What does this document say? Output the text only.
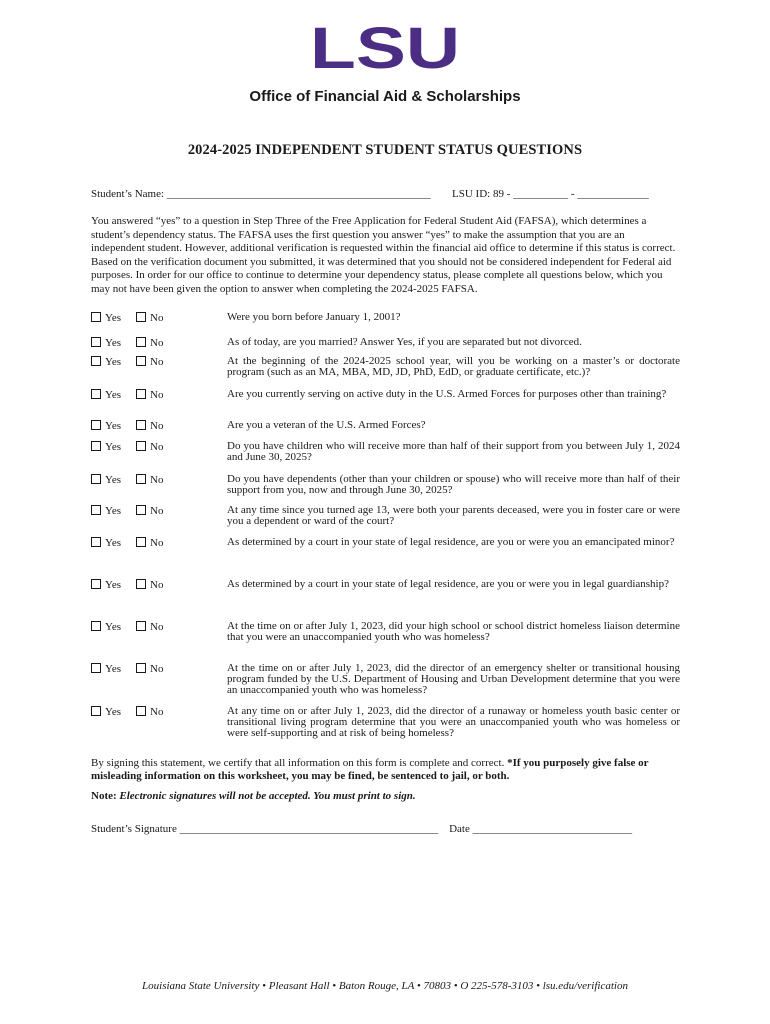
LSU
Office of Financial Aid & Scholarships
2024-2025 INDEPENDENT STUDENT STATUS QUESTIONS
Student’s Name: ________________________________________________ LSU ID: 89 - __________ - _____________
You answered “yes” to a question in Step Three of the Free Application for Federal Student Aid (FAFSA), which determines a student’s dependency status. The FAFSA uses the first question you answer “yes” to make the assumption that you are an independent student. However, additional verification is requested within the financial aid office to determine if this status is correct. Based on the verification document you submitted, it was determined that you should not be considered independent for Federal aid purposes. In order for our office to continue to determine your dependency status, please complete all questions below, which you may not have been given the option to answer when completing the 2024-2025 FAFSA.
Yes	No	Were you born before January 1, 2001?
Yes	No	As of today, are you married? Answer Yes, if you are separated but not divorced.
Yes	No	At the beginning of the 2024-2025 school year, will you be working on a master’s or doctorate program (such as an MA, MBA, MD, JD, PhD, EdD, or graduate certificate, etc.)?
Yes	No	Are you currently serving on active duty in the U.S. Armed Forces for purposes other than training?
Yes	No	Are you a veteran of the U.S. Armed Forces?
Yes	No	Do you have children who will receive more than half of their support from you between July 1, 2024 and June 30, 2025?
Yes	No	Do you have dependents (other than your children or spouse) who will receive more than half of their support from you, now and through June 30, 2025?
Yes	No	At any time since you turned age 13, were both your parents deceased, were you in foster care or were you a dependent or ward of the court?
Yes	No	As determined by a court in your state of legal residence, are you or were you an emancipated minor?
Yes	No	As determined by a court in your state of legal residence, are you or were you in legal guardianship?
Yes	No	At the time on or after July 1, 2023, did your high school or school district homeless liaison determine that you were an unaccompanied youth who was homeless?
Yes	No	At the time on or after July 1, 2023, did the director of an emergency shelter or transitional housing program funded by the U.S. Department of Housing and Urban Development determine that you were an unaccompanied youth who was homeless?
Yes	No	At any time on or after July 1, 2023, did the director of a runaway or homeless youth basic center or transitional living program determine that you were an unaccompanied youth who was homeless or were self-supporting and at risk of being homeless?
By signing this statement, we certify that all information on this form is complete and correct. *If you purposely give false or misleading information on this worksheet, you may be fined, be sentenced to jail, or both.
Note: Electronic signatures will not be accepted. You must print to sign.
Student’s Signature _______________________________________________ Date _____________________________
Louisiana State University • Pleasant Hall • Baton Rouge, LA • 70803 • O 225-578-3103 • lsu.edu/verification
